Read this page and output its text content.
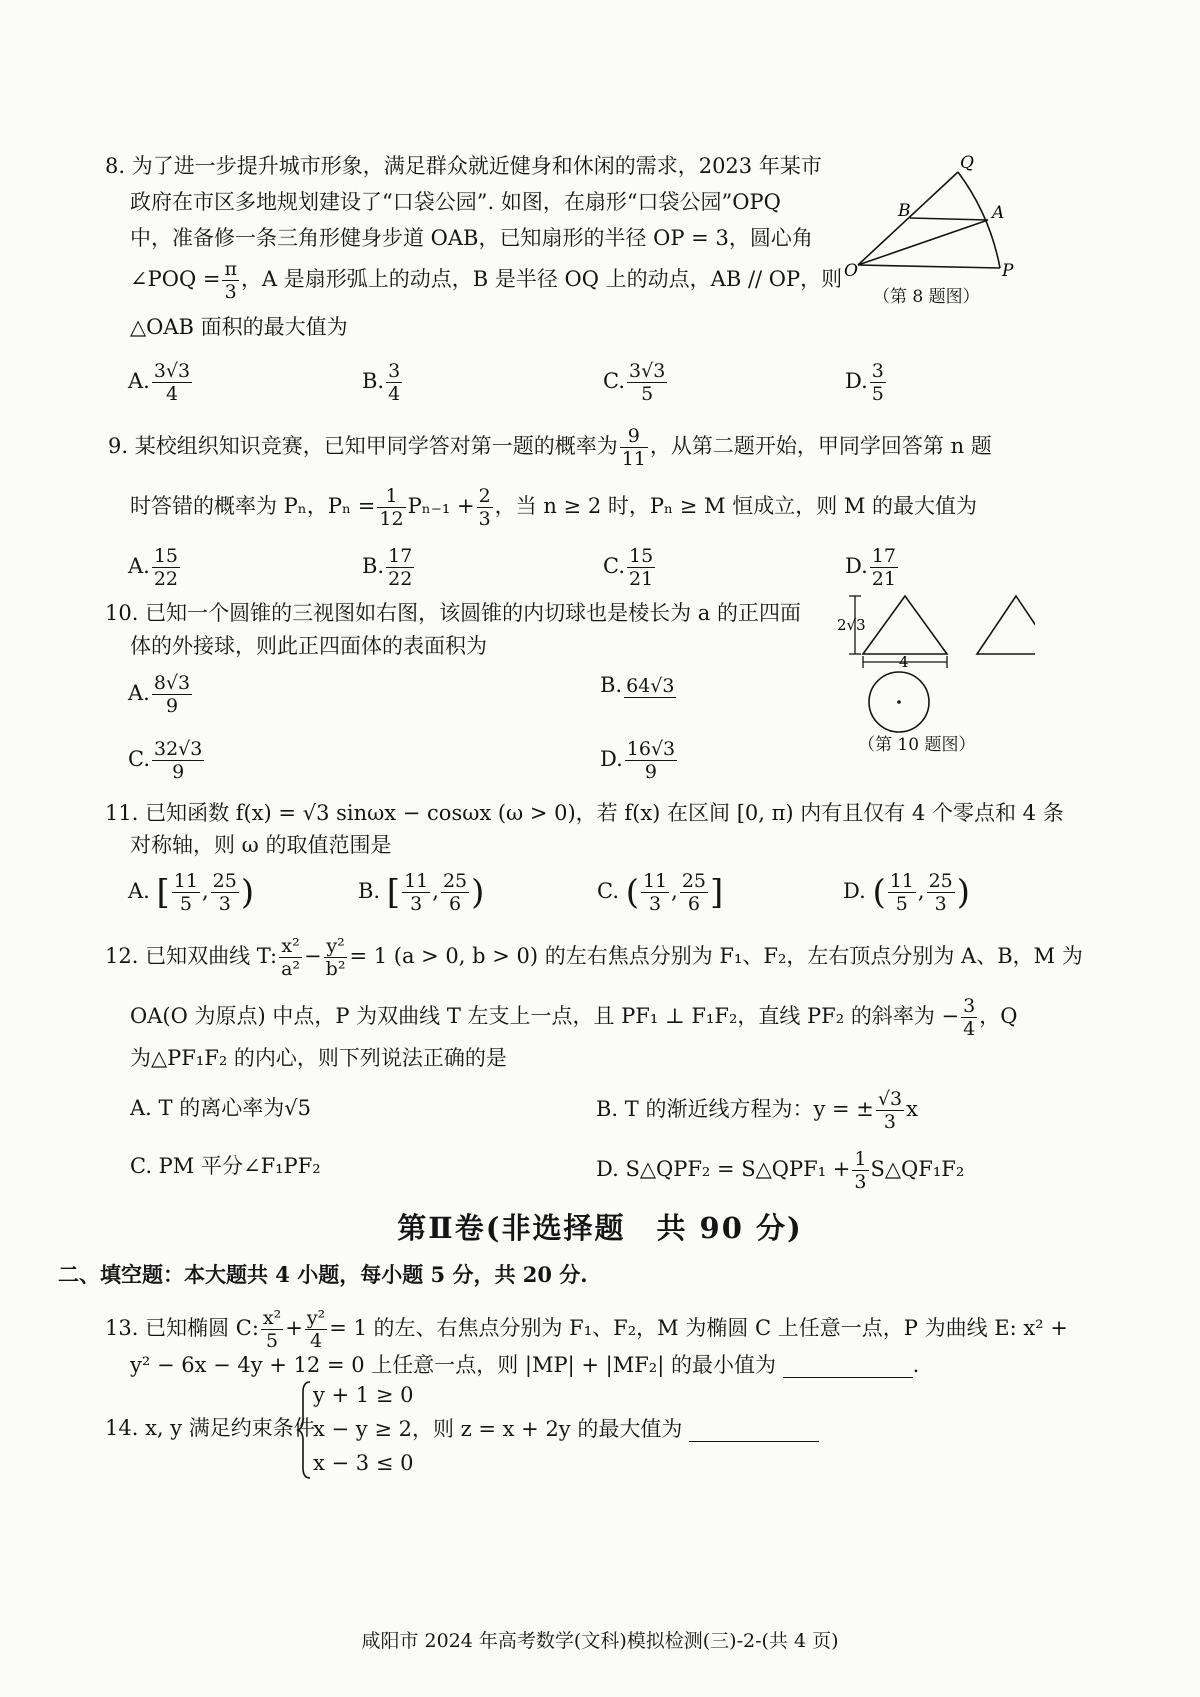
8. 为了进一步提升城市形象，满足群众就近健身和休闲的需求，2023 年某市
政府在市区多地规划建设了“口袋公园”. 如图，在扇形“口袋公园”OPQ
中，准备修一条三角形健身步道 OAB，已知扇形的半径 OP = 3，圆心角
∠POQ = $\frac{\pi}{3}$ ，A 是扇形弧上的动点，B 是半径 OQ 上的动点，AB // OP，则
△OAB 面积的最大值为
Q
B	A
O	P
（第 8 题图）
A. $\frac{3√3}{4}$	B. $\frac{3}{4}$	C. $\frac{3√3}{5}$	D. $\frac{3}{5}$
9. 某校组织知识竞赛，已知甲同学答对第一题的概率为 $\frac{9}{11}$ ，从第二题开始，甲同学回答第 n 题
时答错的概率为 Pₙ，$P_n = \frac{1}{12} P_{n-1} + \frac{2}{3}$ ，当 n ≥ 2 时，Pₙ ≥ M 恒成立，则 M 的最大值为
A. $\frac{15}{22}$	B. $\frac{17}{22}$	C. $\frac{15}{21}$	D. $\frac{17}{21}$
10. 已知一个圆锥的三视图如右图，该圆锥的内切球也是棱长为 a 的正四面
体的外接球，则此正四面体的表面积为
2√3
4
（第 10 题图）
A. $\frac{8√3}{9}$	B. 64√3
C. $\frac{32√3}{9}$	D. $\frac{16√3}{9}$
11. 已知函数 f(x) = √3 sinωx − cosωx (ω > 0)，若 f(x) 在区间 [0, π) 内有且仅有 4 个零点和 4 条
对称轴，则 ω 的取值范围是
A. [ $\frac{11}{5}$ , $\frac{25}{3}$ )	B. [ $\frac{11}{3}$ , $\frac{25}{6}$ )	C. ( $\frac{11}{3}$ , $\frac{25}{6}$ ]	D. ( $\frac{11}{5}$ , $\frac{25}{3}$ )
12. 已知双曲线 T: $\frac{\text{x²}}{\text{a²}} - \frac{\text{y²}}{\text{b²}} = 1$ (a > 0, b > 0) 的左右焦点分别为 F₁、F₂，左右顶点分别为 A、B，M 为
OA(O 为原点) 中点，P 为双曲线 T 左支上一点，且 PF₁ ⊥ F₁F₂，直线 PF₂ 的斜率为 − $\frac{3}{4}$ ，Q
为△PF₁F₂ 的内心，则下列说法正确的是
A. T 的离心率为√5	B. T 的渐近线方程为：y = ± $\frac{√3}{3}$ x
C. PM 平分∠F₁PF₂	D. S△QPF₂ = S△QPF₁ + $\frac{1}{3}$ S△QF₁F₂
第Ⅱ卷(非选择题　共 90 分)
二、填空题：本大题共 4 小题，每小题 5 分，共 20 分.
13. 已知椭圆 C: $\frac{\text{x²}}{5} + \frac{\text{y²}}{4} = 1$ 的左、右焦点分别为 F₁、F₂，M 为椭圆 C 上任意一点，P 为曲线 E: x² +
y² − 6x − 4y + 12 = 0 上任意一点，则 |MP| + |MF₂| 的最小值为	.
14. x, y 满足约束条件
y + 1 ≥ 0
x − y ≥ 2，则 z = x + 2y 的最大值为
x − 3 ≤ 0
咸阳市 2024 年高考数学(文科)模拟检测(三)-2-(共 4 页)
